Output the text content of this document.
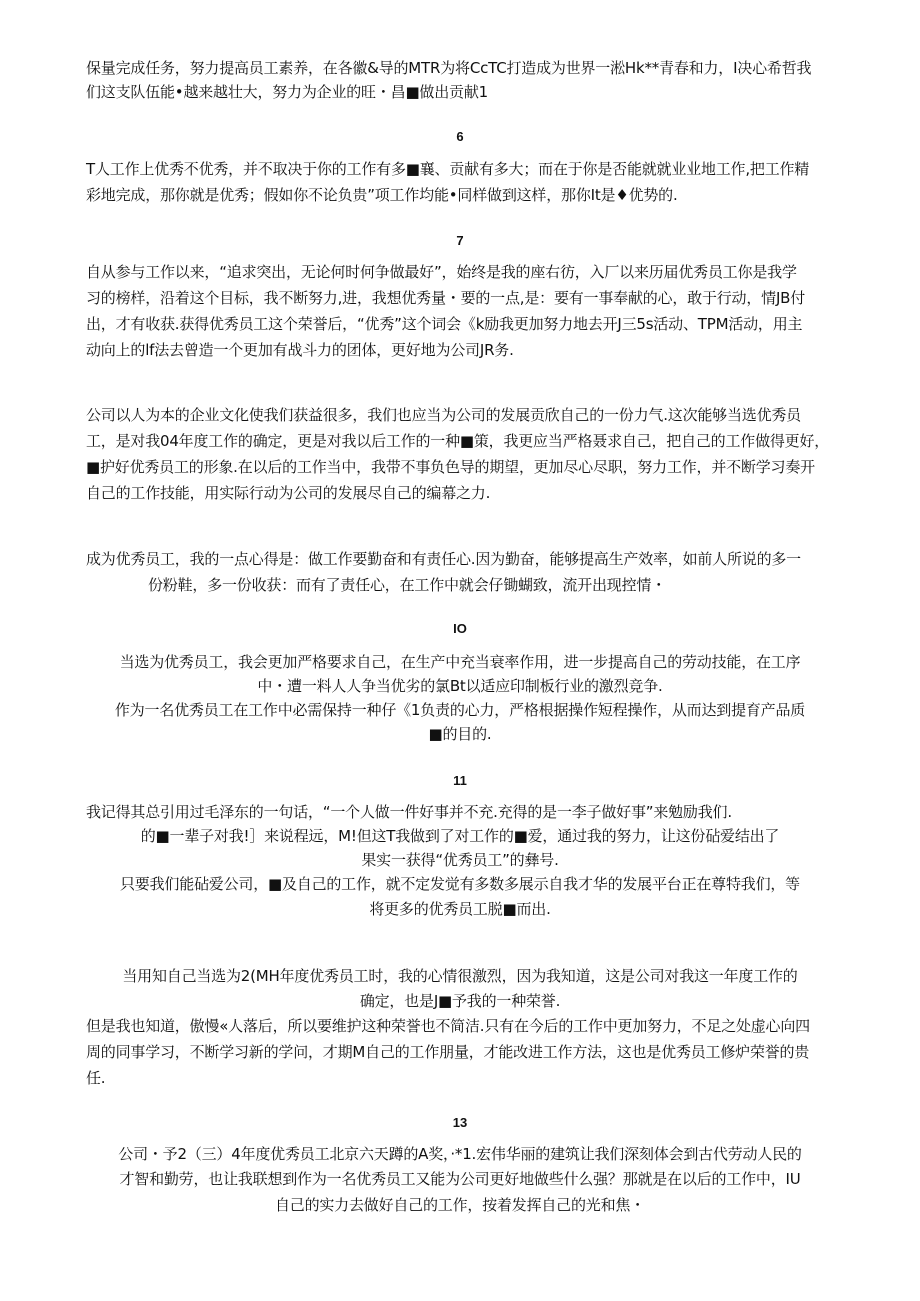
保量完成任务，努力提高员工素养，在各徽&导的MTR为将CcTC打造成为世界一淞Hk**青春和力，I决心希哲我
们这支队伍能•越来越壮大，努力为企业的旺・昌■做出贡献1
6
T人工作上优秀不优秀，并不取决于你的工作有多■襄、贡献有多大；而在于你是否能就就业业地工作,把工作精
彩地完成，那你就是优秀；假如你不论负贵”项工作均能•同样做到这样，那你It是♦优势的.
7
自从参与工作以来，“追求突出，无论何时何争做最好”，始终是我的座右彷，入厂以来历届优秀员工你是我学
习的榜样，沿着这个目标，我不断努力,进，我想优秀量・要的一点,是：要有一事奉献的心，敢于行动，情JB付
出，才有收获.获得优秀员工这个荣誉后，“优秀”这个词会《k励我更加努力地去开J三5s活动、TPM活动，用主
动向上的lf法去曾造一个更加有战斗力的团体，更好地为公司JR务.
公司以人为本的企业文化使我们获益很多，我们也应当为公司的发展贡欣自己的一份力气.这次能够当选优秀员
工，是对我04年度工作的确定，更是对我以后工作的一种■策，我更应当严格聂求自己，把自己的工作做得更好，
■护好优秀员工的形象.在以后的工作当中，我带不事负色导的期望，更加尽心尽职，努力工作，并不断学习奏开
自己的工作技能，用实际行动为公司的发展尽自己的编幕之力.
成为优秀员工，我的一点心得是：做工作要勤奋和有责任心.因为勤奋，能够提高生产效率，如前人所说的多一
份粉鞋，多一份收获：而有了责任心，在工作中就会仔锄蝴致，流开出现控情・
IO
当选为优秀员工，我会更加严格要求自己，在生产中充当衰率作用，进一步提高自己的劳动技能，在工序
中・遭一料人人争当优劣的氯Bt以适应印制板行业的激烈竞争.
作为一名优秀员工在工作中必需保持一种仔《1负责的心力，严格根据操作短程操作，从而达到提育产品质
■的目的.
11
我记得其总引用过毛泽东的一句话，“一个人做一件好事并不充.充得的是一李子做好事”来勉励我们.
的■一辈子对我!］来说程远，M!但这T我做到了对工作的■爱，通过我的努力，让这份砧爱结出了
果实一获得“优秀员工”的彝号.
只要我们能砧爱公司，■及自己的工作，就不定发觉有多数多展示自我才华的发展平台正在尊特我们，等
将更多的优秀员工脱■而出.
当用知自己当选为2(MH年度优秀员工时，我的心情很激烈，因为我知道，这是公司对我这一年度工作的
确定，也是J■予我的一种荣誉.
但是我也知道，傲慢«人落后，所以要维护这种荣誉也不简洁.只有在今后的工作中更加努力，不足之处虚心向四
周的同事学习，不断学习新的学问，才期M自己的工作朋量，才能改进工作方法，这也是优秀员工修炉荣誉的贵
任.
13
公司・予2（三）4年度优秀员工北京六天蹲的A奖，·*1.宏伟华丽的建筑让我们深刻体会到古代劳动人民的
才智和勤劳，也让我联想到作为一名优秀员工又能为公司更好地做些什么强？那就是在以后的工作中，IU
自己的实力去做好自己的工作，按着发挥自己的光和焦・
